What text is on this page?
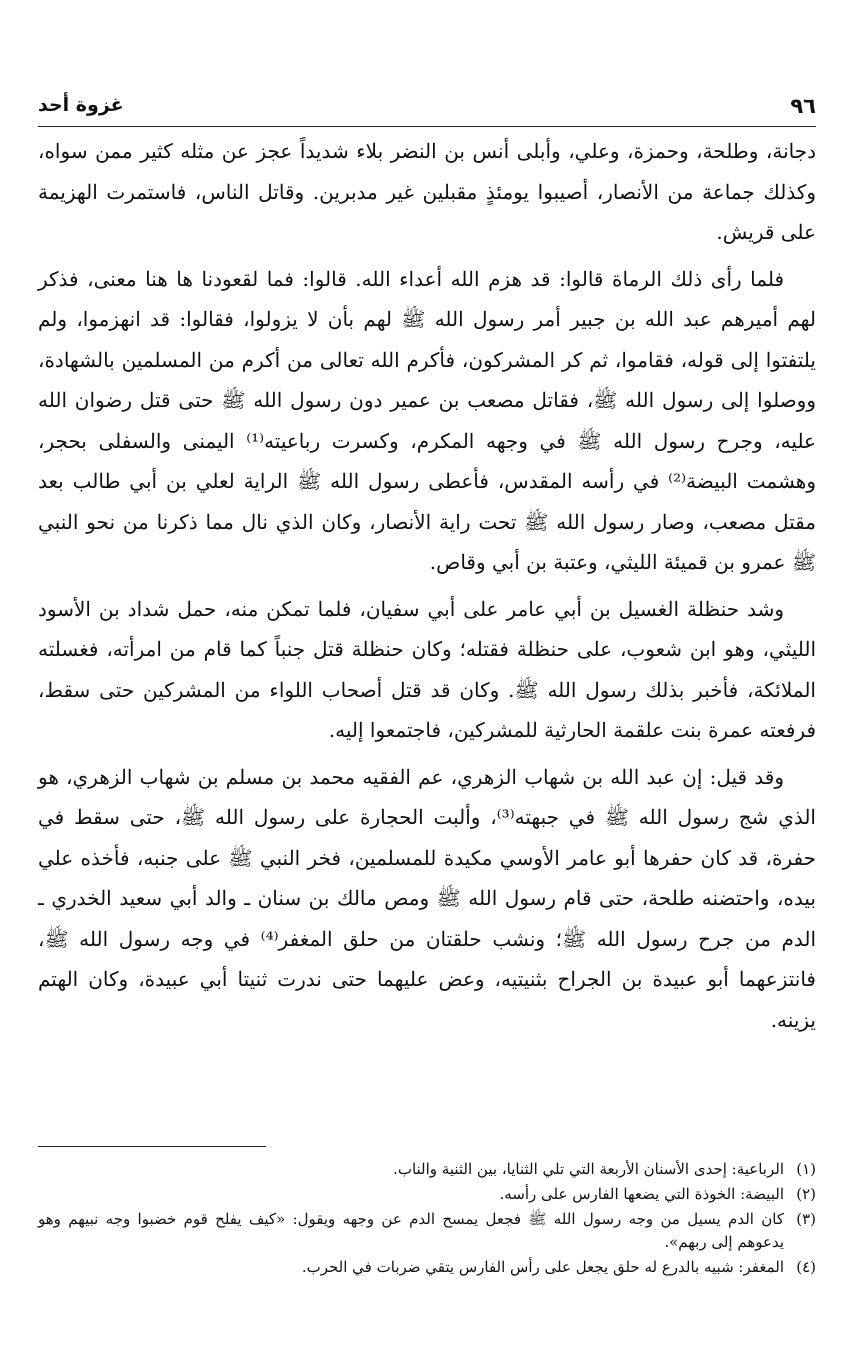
٩٦
غزوة أحد

دجانة، وطلحة، وحمزة، وعلي، وأبلى أنس بن النضر بلاء شديداً عجز عن مثله كثير ممن سواه، وكذلك جماعة من الأنصار، أصيبوا يومئذٍ مقبلين غير مدبرين. وقاتل الناس، فاستمرت الهزيمة على قريش.

فلما رأى ذلك الرماة قالوا: قد هزم الله أعداء الله. قالوا: فما لقعودنا ها هنا معنى، فذكر لهم أميرهم عبد الله بن جبير أمر رسول الله ﷺ لهم بأن لا يزولوا، فقالوا: قد انهزموا، ولم يلتفتوا إلى قوله، فقاموا، ثم كر المشركون، فأكرم الله تعالى من أكرم من المسلمين بالشهادة، ووصلوا إلى رسول الله ﷺ، فقاتل مصعب بن عمير دون رسول الله ﷺ حتى قتل رضوان الله عليه، وجرح رسول الله ﷺ في وجهه المكرم، وكسرت رباعيته⁽¹⁾ اليمنى والسفلى بحجر، وهشمت البيضة⁽²⁾ في رأسه المقدس، فأعطى رسول الله ﷺ الراية لعلي بن أبي طالب بعد مقتل مصعب، وصار رسول الله ﷺ تحت راية الأنصار، وكان الذي نال مما ذكرنا من نحو النبي ﷺ عمرو بن قميئة الليثي، وعتبة بن أبي وقاص.

وشد حنظلة الغسيل بن أبي عامر على أبي سفيان، فلما تمكن منه، حمل شداد بن الأسود الليثي، وهو ابن شعوب، على حنظلة فقتله؛ وكان حنظلة قتل جنباً كما قام من امرأته، فغسلته الملائكة، فأخبر بذلك رسول الله ﷺ. وكان قد قتل أصحاب اللواء من المشركين حتى سقط، فرفعته عمرة بنت علقمة الحارثية للمشركين، فاجتمعوا إليه.

وقد قيل: إن عبد الله بن شهاب الزهري، عم الفقيه محمد بن مسلم بن شهاب الزهري، هو الذي شج رسول الله ﷺ في جبهته⁽³⁾، وألبت الحجارة على رسول الله ﷺ، حتى سقط في حفرة، قد كان حفرها أبو عامر الأوسي مكيدة للمسلمين، فخر النبي ﷺ على جنبه، فأخذه علي بيده، واحتضنه طلحة، حتى قام رسول الله ﷺ ومص مالك بن سنان ـ والد أبي سعيد الخدري ـ الدم من جرح رسول الله ﷺ؛ ونشب حلقتان من حلق المغفر⁽⁴⁾ في وجه رسول الله ﷺ، فانتزعهما أبو عبيدة بن الجراح بثنيتيه، وعض عليهما حتى ندرت ثنيتا أبي عبيدة، وكان الهتم يزينه.

(١)
الرباعية: إحدى الأسنان الأربعة التي تلي الثنايا، بين الثنية والناب.
(٢)
البيضة: الخوذة التي يضعها الفارس على رأسه.
(٣)
كان الدم يسيل من وجه رسول الله ﷺ فجعل يمسح الدم عن وجهه ويقول: «كيف يفلح قوم خضبوا وجه نبيهم وهو يدعوهم إلى ربهم».
(٤)
المغفر: شبيه بالدرع له حلق يجعل على رأس الفارس يتقي ضربات في الحرب.
